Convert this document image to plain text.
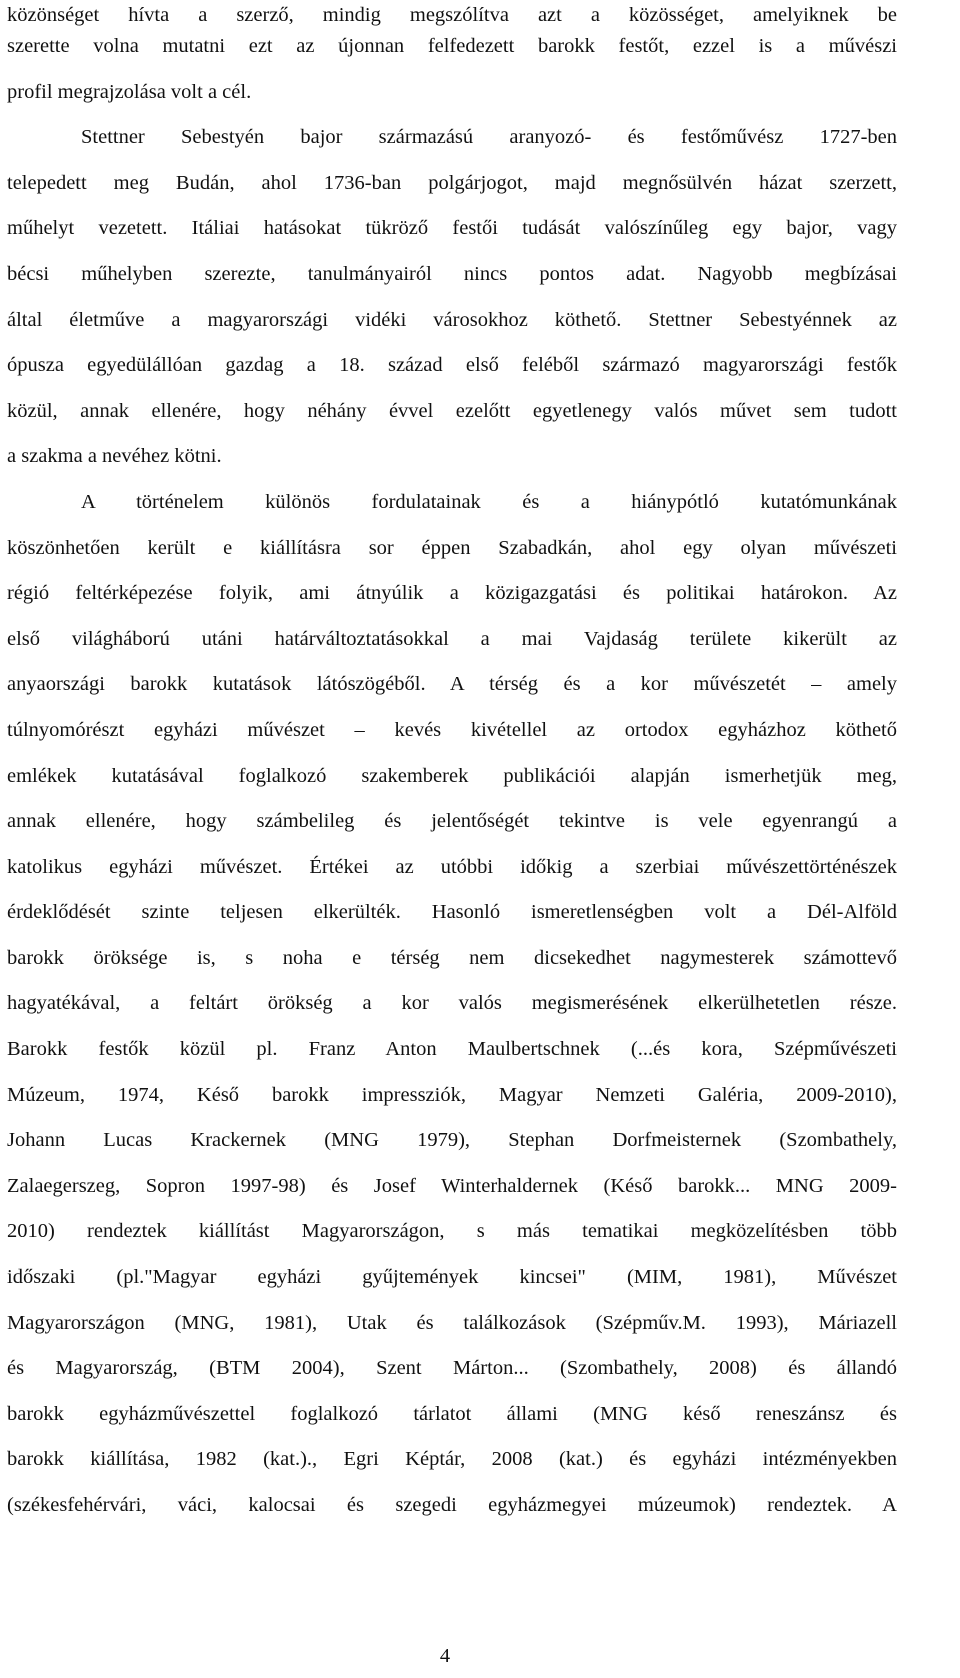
közönséget hívta a szerző, mindig megszólítva azt a közösséget, amelyiknek be
szerette volna mutatni ezt az újonnan felfedezett barokk festőt, ezzel is a művészi
profil megrajzolása volt a cél.
Stettner Sebestyén bajor származású aranyozó- és festőművész 1727-ben
telepedett meg Budán, ahol 1736-ban polgárjogot, majd megnősülvén házat szerzett,
műhelyt vezetett. Itáliai hatásokat tükröző festői tudását valószínűleg egy bajor, vagy
bécsi műhelyben szerezte, tanulmányairól nincs pontos adat. Nagyobb megbízásai
által életműve a magyarországi vidéki városokhoz köthető. Stettner Sebestyénnek az
ópusza egyedülállóan gazdag a 18. század első feléből származó magyarországi festők
közül, annak ellenére, hogy néhány évvel ezelőtt egyetlenegy valós művet sem tudott
a szakma a nevéhez kötni.
A történelem különös fordulatainak és a hiánypótló kutatómunkának
köszönhetően került e kiállításra sor éppen Szabadkán, ahol egy olyan művészeti
régió feltérképezése folyik, ami átnyúlik a közigazgatási és politikai határokon. Az
első világháború utáni határváltoztatásokkal a mai Vajdaság területe kikerült az
anyaországi barokk kutatások látószögéből. A térség és a kor művészetét – amely
túlnyomórészt egyházi művészet – kevés kivétellel az ortodox egyházhoz köthető
emlékek kutatásával foglalkozó szakemberek publikációi alapján ismerhetjük meg,
annak ellenére, hogy számbelileg és jelentőségét tekintve is vele egyenrangú a
katolikus egyházi művészet. Értékei az utóbbi időkig a szerbiai művészettörténészek
érdeklődését szinte teljesen elkerülték. Hasonló ismeretlenségben volt a Dél-Alföld
barokk öröksége is, s noha e térség nem dicsekedhet nagymesterek számottevő
hagyatékával, a feltárt örökség a kor valós megismerésének elkerülhetetlen része.
Barokk festők közül pl. Franz Anton Maulbertschnek (...és kora, Szépművészeti
Múzeum, 1974, Késő barokk impressziók, Magyar Nemzeti Galéria, 2009-2010),
Johann Lucas Krackernek (MNG 1979), Stephan Dorfmeisternek (Szombathely,
Zalaegerszeg, Sopron 1997-98) és Josef Winterhaldernek (Késő barokk... MNG 2009-
2010) rendeztek kiállítást Magyarországon, s más tematikai megközelítésben több
időszaki (pl."Magyar egyházi gyűjtemények kincsei" (MIM, 1981), Művészet
Magyarországon (MNG, 1981), Utak és találkozások (Szépműv.M. 1993), Máriazell
és Magyarország, (BTM 2004), Szent Márton... (Szombathely, 2008) és állandó
barokk egyházművészettel foglalkozó tárlatot állami (MNG késő reneszánsz és
barokk kiállítása, 1982 (kat.)., Egri Képtár, 2008 (kat.) és egyházi intézményekben
(székesfehérvári, váci, kalocsai és szegedi egyházmegyei múzeumok) rendeztek. A
4
